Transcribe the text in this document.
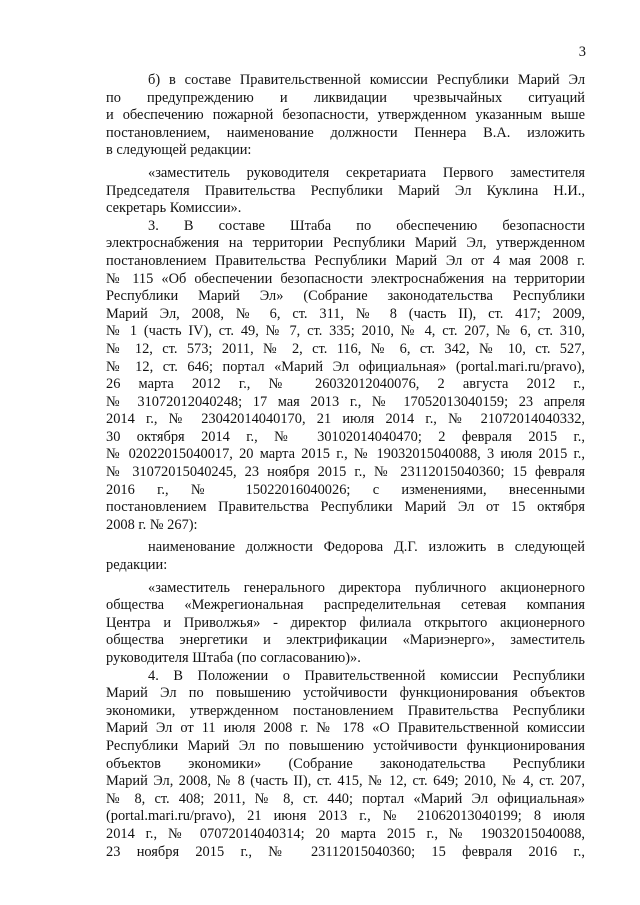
3
б) в составе Правительственной комиссии Республики Марий Эл
по предупреждению и ликвидации чрезвычайных ситуаций
и обеспечению пожарной безопасности, утвержденном указанным выше
постановлением, наименование должности Пеннера В.А. изложить
в следующей редакции:
«заместитель руководителя секретариата Первого заместителя
Председателя Правительства Республики Марий Эл Куклина Н.И.,
секретарь Комиссии».
3. В составе Штаба по обеспечению безопасности
электроснабжения на территории Республики Марий Эл, утвержденном
постановлением Правительства Республики Марий Эл от 4 мая 2008 г.
№ 115 «Об обеспечении безопасности электроснабжения на территории
Республики Марий Эл» (Собрание законодательства Республики
Марий Эл, 2008, № 6, ст. 311, № 8 (часть II), ст. 417; 2009,
№ 1 (часть IV), ст. 49, № 7, ст. 335; 2010, № 4, ст. 207, № 6, ст. 310,
№ 12, ст. 573; 2011, № 2, ст. 116, № 6, ст. 342, № 10, ст. 527,
№ 12, ст. 646; портал «Марий Эл официальная» (portal.mari.ru/pravo),
26 марта 2012 г., № 26032012040076, 2 августа 2012 г.,
№ 31072012040248; 17 мая 2013 г., № 17052013040159; 23 апреля
2014 г., № 23042014040170, 21 июля 2014 г., № 21072014040332,
30 октября 2014 г., № 30102014040470; 2 февраля 2015 г.,
№ 02022015040017, 20 марта 2015 г., № 19032015040088, 3 июля 2015 г.,
№ 31072015040245, 23 ноября 2015 г., № 23112015040360; 15 февраля
2016 г., № 15022016040026; с изменениями, внесенными
постановлением Правительства Республики Марий Эл от 15 октября
2008 г. № 267):
наименование должности Федорова Д.Г. изложить в следующей
редакции:
«заместитель генерального директора публичного акционерного
общества «Межрегиональная распределительная сетевая компания
Центра и Приволжья» - директор филиала открытого акционерного
общества энергетики и электрификации «Мариэнерго», заместитель
руководителя Штаба (по согласованию)».
4. В Положении о Правительственной комиссии Республики
Марий Эл по повышению устойчивости функционирования объектов
экономики, утвержденном постановлением Правительства Республики
Марий Эл от 11 июля 2008 г. № 178 «О Правительственной комиссии
Республики Марий Эл по повышению устойчивости функционирования
объектов экономики» (Собрание законодательства Республики
Марий Эл, 2008, № 8 (часть II), ст. 415, № 12, ст. 649; 2010, № 4, ст. 207,
№ 8, ст. 408; 2011, № 8, ст. 440; портал «Марий Эл официальная»
(portal.mari.ru/pravo), 21 июня 2013 г., № 21062013040199; 8 июля
2014 г., № 07072014040314; 20 марта 2015 г., № 19032015040088,
23 ноября 2015 г., № 23112015040360; 15 февраля 2016 г.,
